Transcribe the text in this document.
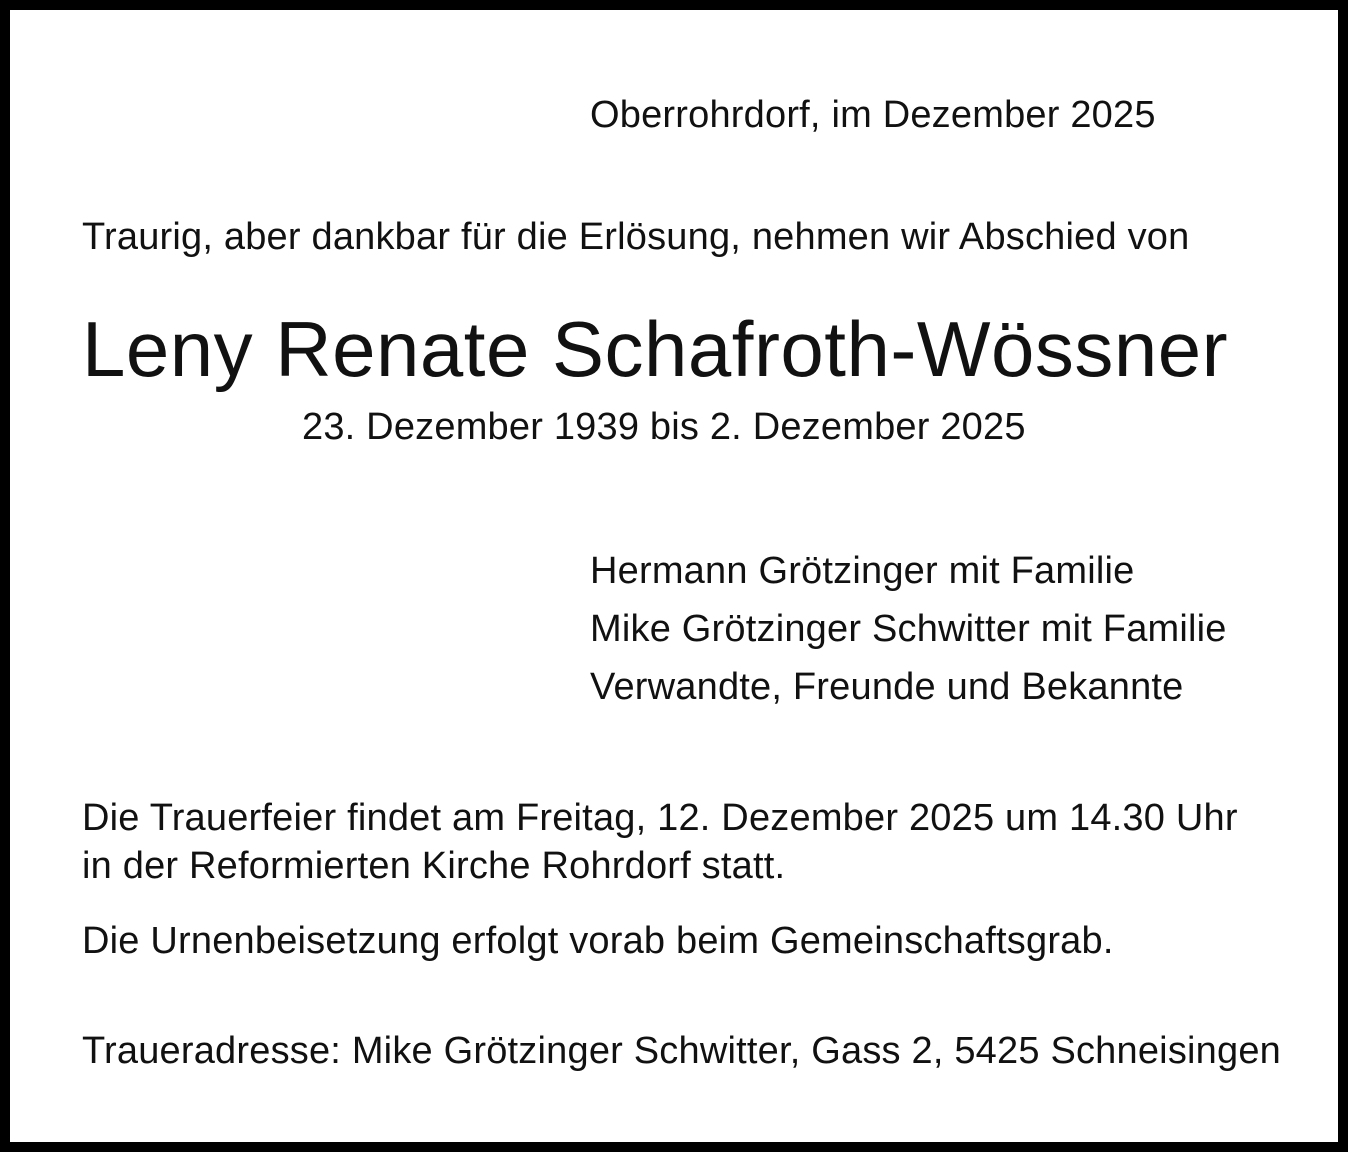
Oberrohrdorf, im Dezember 2025
Traurig, aber dankbar für die Erlösung, nehmen wir Abschied von
Leny Renate Schafroth-Wössner
23. Dezember 1939 bis 2. Dezember 2025
Hermann Grötzinger mit Familie
Mike Grötzinger Schwitter mit Familie
Verwandte, Freunde und Bekannte
Die Trauerfeier findet am Freitag, 12. Dezember 2025 um 14.30 Uhr
in der Reformierten Kirche Rohrdorf statt.
Die Urnenbeisetzung erfolgt vorab beim Gemeinschaftsgrab.
Traueradresse: Mike Grötzinger Schwitter, Gass 2, 5425 Schneisingen
